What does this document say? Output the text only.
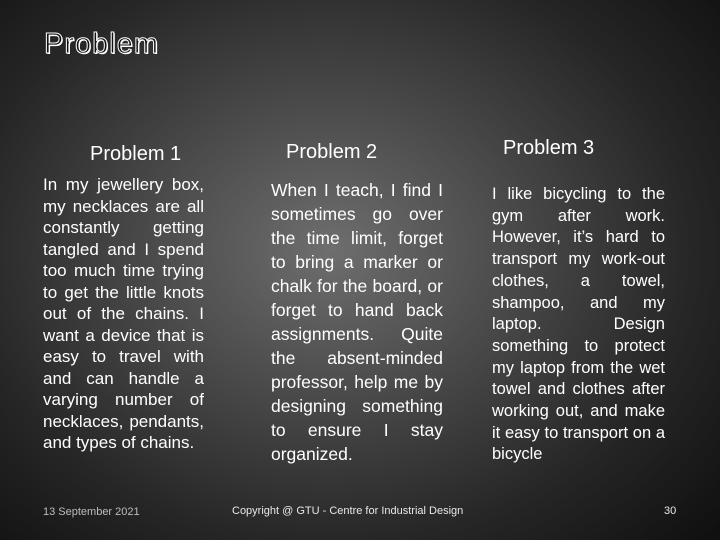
Problem
Problem 1

In my jewellery box, my necklaces are all constantly getting tangled and I spend too much time trying to get the little knots out of the chains. I want a device that is easy to travel with and can handle a varying number of necklaces, pendants, and types of chains.

Problem 2

When I teach, I find I sometimes go over the time limit, forget to bring a marker or chalk for the board, or forget to hand back assignments. Quite the absent-minded professor, help me by designing something to ensure I stay organized.

Problem 3

I like bicycling to the gym after work. However, it’s hard to transport my work-out clothes, a towel, shampoo, and my laptop. Design something to protect my laptop from the wet towel and clothes after working out, and make it easy to transport on a bicycle

13 September 2021	Copyright @ GTU - Centre for Industrial Design	30
